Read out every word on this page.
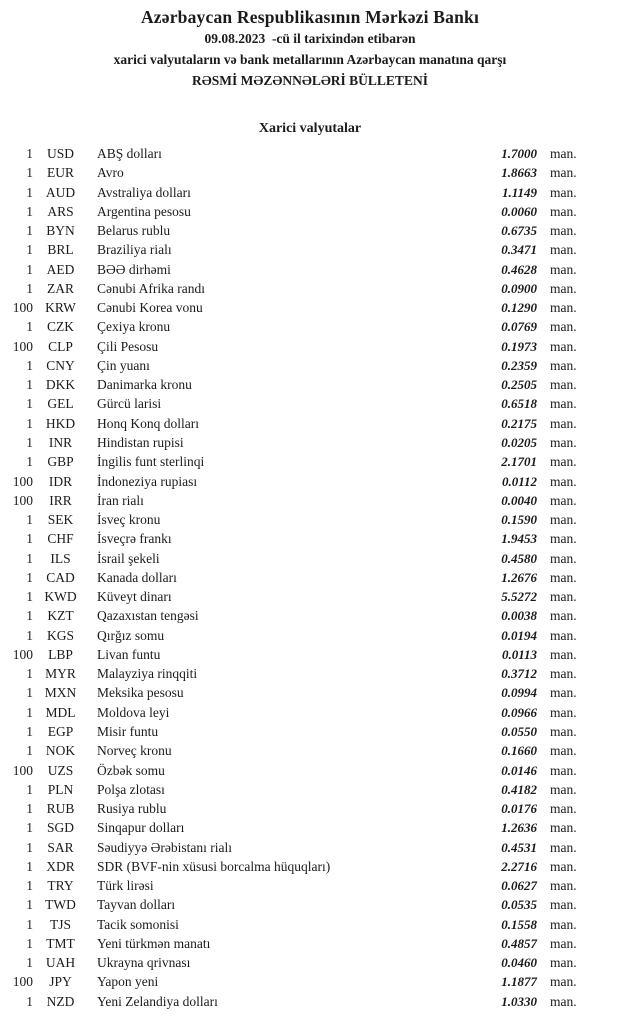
Azərbaycan Respublikasının Mərkəzi Bankı
09.08.2023  -cü il tarixindən etibarən
xarici valyutaların və bank metallarının Azərbaycan manatına qarşı
RƏSMİ MƏZƏNNƏLƏRİ BÜLLETENİ
Xarici valyutalar
1	USD	ABŞ dolları	1.7000 man.
1	EUR	Avro	1.8663 man.
1 AUD	Avstraliya dolları	1.1149 man.
1	ARS	Argentina pesosu	0.0060 man.
1 BYN	Belarus rublu	0.6735 man.
1	BRL	Braziliya rialı	0.3471 man.
1	AED	BƏƏ dirhəmi	0.4628 man.
1	ZAR	Cənubi Afrika randı	0.0900 man.
100 KRW	Cənubi Korea vonu	0.1290 man.
1	CZK	Çexiya kronu	0.0769 man.
100	CLP	Çili Pesosu	0.1973 man.
1 CNY	Çin yuanı	0.2359 man.
1 DKK	Danimarka kronu	0.2505 man.
1	GEL	Gürcü larisi	0.6518 man.
1 HKD	Honq Konq dolları	0.2175 man.
1	INR	Hindistan rupisi	0.0205 man.
1	GBP	İngilis funt sterlinqi	2.1701 man.
100	IDR	İndoneziya rupiası	0.0112 man.
100	IRR	İran rialı	0.0040 man.
1	SEK	İsveç kronu	0.1590 man.
1	CHF	İsveçrə frankı	1.9453 man.
1	ILS	İsrail şekeli	0.4580 man.
1 CAD	Kanada dolları	1.2676 man.
1 KWD	Küveyt dinarı	5.5272 man.
1	KZT	Qazaxıstan tengəsi	0.0038 man.
1	KGS	Qırğız somu	0.0194 man.
100	LBP	Livan funtu	0.0113 man.
1 MYR	Malayziya rinqqiti	0.3712 man.
1 MXN	Meksika pesosu	0.0994 man.
1 MDL	Moldova leyi	0.0966 man.
1	EGP	Misir funtu	0.0550 man.
1 NOK	Norveç kronu	0.1660 man.
100	UZS	Özbək somu	0.0146 man.
1	PLN	Polşa zlotası	0.4182 man.
1	RUB	Rusiya rublu	0.0176 man.
1	SGD	Sinqapur dolları	1.2636 man.
1	SAR	Səudiyyə Ərəbistanı rialı	0.4531 man.
1 XDR	SDR (BVF-nin xüsusi borcalma hüquqları)	2.2716 man.
1	TRY	Türk lirəsi	0.0627 man.
1 TWD	Tayvan dolları	0.0535 man.
1	TJS	Tacik somonisi	0.1558 man.
1 TMT	Yeni türkmən manatı	0.4857 man.
1 UAH	Ukrayna qrivnası	0.0460 man.
100	JPY	Yapon yeni	1.1877 man.
1	NZD	Yeni Zelandiya dolları	1.0330 man.
